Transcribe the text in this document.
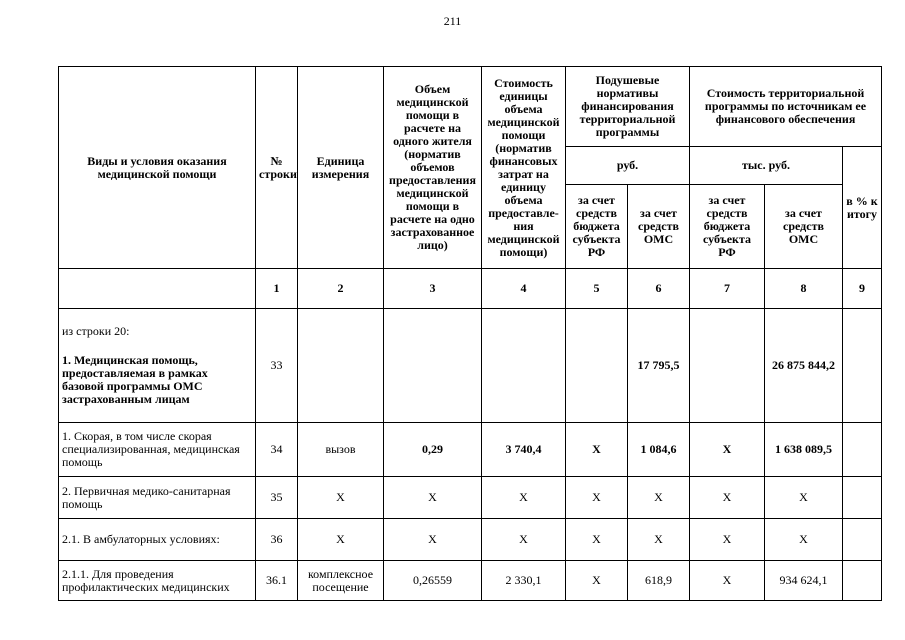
211
Виды и условия оказания медицинской помощи	№ строки	Единица измерения	Объем медицинской помощи в расчете на одного жителя (норматив объемов предоставления медицинской помощи в расчете на одно застрахованное лицо)	Стоимость единицы объема медицинской помощи (норматив финансовых затрат на единицу объема предоставле-ния медицинской помощи)	Подушевые нормативы финансирования территориальной программы		Стоимость территориальной программы по источникам ее финансового обеспечения		
					руб.		тыс. руб.		в % к итогу
					за счет средств бюджета субъекта РФ	за счет средств ОМС	за счет средств бюджета субъекта РФ	за счет средств ОМС	
	1	2	3	4	5	6	7	8	9

из строки 20:
1. Медицинская помощь, предоставляемая в рамках базовой программы ОМС застрахованным лицам	33					17 795,5		26 875 844,2	
1. Скорая, в том числе скорая специализированная, медицинская помощь	34	вызов	0,29	3 740,4	Х	1 084,6	Х	1 638 089,5	
2. Первичная медико-санитарная помощь	35	Х	Х	Х	Х	Х	Х	Х	
2.1. В амбулаторных условиях:	36	Х	Х	Х	Х	Х	Х	Х	
2.1.1. Для проведения профилактических медицинских	36.1	комплексное посещение	0,26559	2 330,1	Х	618,9	Х	934 624,1	
